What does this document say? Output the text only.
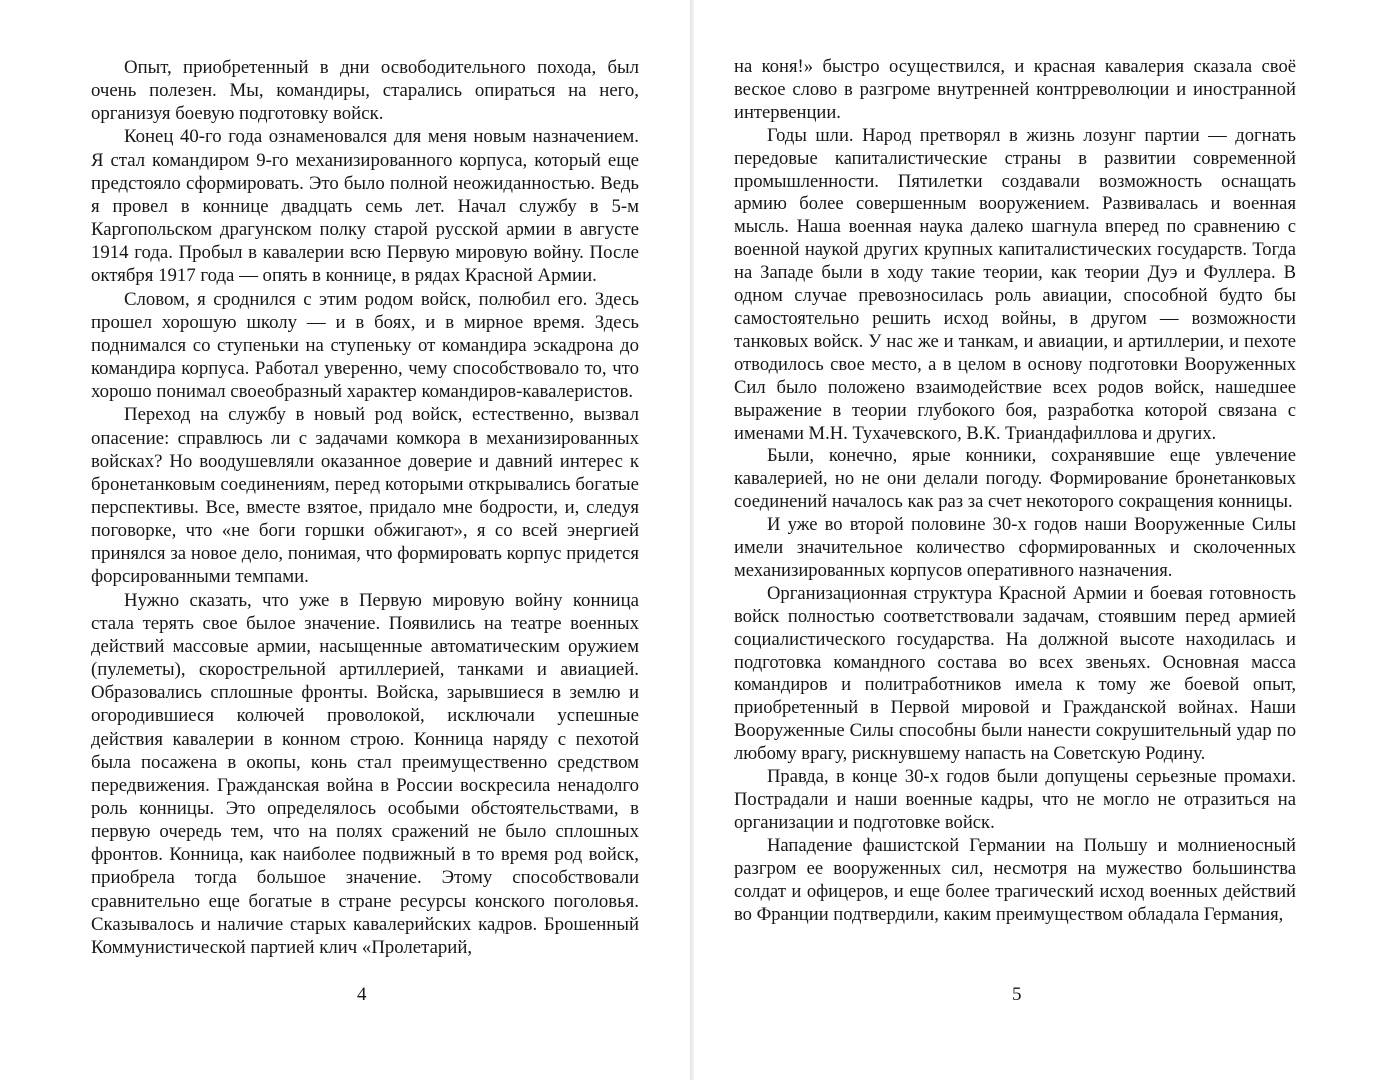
Опыт, приобретенный в дни освободительного похода, был очень полезен. Мы, командиры, старались опираться на него, организуя боевую подготовку войск.

Конец 40-го года ознаменовался для меня новым назначением. Я стал командиром 9-го механизированного корпуса, который еще предстояло сформировать. Это было полной неожиданностью. Ведь я провел в коннице двадцать семь лет. Начал службу в 5-м Каргопольском драгунском полку старой русской армии в августе 1914 года. Пробыл в кавалерии всю Первую мировую войну. После октября 1917 года — опять в коннице, в рядах Красной Армии.

Словом, я сроднился с этим родом войск, полюбил его. Здесь прошел хорошую школу — и в боях, и в мирное время. Здесь поднимался со ступеньки на ступеньку от командира эскадрона до командира корпуса. Работал уверенно, чему способствовало то, что хорошо понимал своеобразный характер командиров-кавалеристов.

Переход на службу в новый род войск, естественно, вызвал опасение: справлюсь ли с задачами комкора в механизированных войсках? Но воодушевляли оказанное доверие и давний интерес к бронетанковым соединениям, перед которыми открывались богатые перспективы. Все, вместе взятое, придало мне бодрости, и, следуя поговорке, что «не боги горшки обжигают», я со всей энергией принялся за новое дело, понимая, что формировать корпус придется форсированными темпами.

Нужно сказать, что уже в Первую мировую войну конница стала терять свое былое значение. Появились на театре военных действий массовые армии, насыщенные автоматическим оружием (пулеметы), скорострельной артиллерией, танками и авиацией. Образовались сплошные фронты. Войска, зарывшиеся в землю и огородившиеся колючей проволокой, исключали успешные действия кавалерии в конном строю. Конница наряду с пехотой была посажена в окопы, конь стал преимущественно средством передвижения. Гражданская война в России воскресила ненадолго роль конницы. Это определялось особыми обстоятельствами, в первую очередь тем, что на полях сражений не было сплошных фронтов. Конница, как наиболее подвижный в то время род войск, приобрела тогда большое значение. Этому способствовали сравнительно еще богатые в стране ресурсы конского поголовья. Сказывалось и наличие старых кавалерийских кадров. Брошенный Коммунистической партией клич «Пролетарий,

4

на коня!» быстро осуществился, и красная кавалерия сказала своё веское слово в разгроме внутренней контрреволюции и иностранной интервенции.

Годы шли. Народ претворял в жизнь лозунг партии — догнать передовые капиталистические страны в развитии современной промышленности. Пятилетки создавали возможность оснащать армию более совершенным вооружением. Развивалась и военная мысль. Наша военная наука далеко шагнула вперед по сравнению с военной наукой других крупных капиталистических государств. Тогда на Западе были в ходу такие теории, как теории Дуэ и Фуллера. В одном случае превозносилась роль авиации, способной будто бы самостоятельно решить исход войны, в другом — возможности танковых войск. У нас же и танкам, и авиации, и артиллерии, и пехоте отводилось свое место, а в целом в основу подготовки Вооруженных Сил было положено взаимодействие всех родов войск, нашедшее выражение в теории глубокого боя, разработка которой связана с именами М.Н. Тухачевского, В.К. Триандафиллова и других.

Были, конечно, ярые конники, сохранявшие еще увлечение кавалерией, но не они делали погоду. Формирование бронетанковых соединений началось как раз за счет некоторого сокращения конницы.

И уже во второй половине 30-х годов наши Вооруженные Силы имели значительное количество сформированных и сколоченных механизированных корпусов оперативного назначения.

Организационная структура Красной Армии и боевая готовность войск полностью соответствовали задачам, стоявшим перед армией социалистического государства. На должной высоте находилась и подготовка командного состава во всех звеньях. Основная масса командиров и политработников имела к тому же боевой опыт, приобретенный в Первой мировой и Гражданской войнах. Наши Вооруженные Силы способны были нанести сокрушительный удар по любому врагу, рискнувшему напасть на Советскую Родину.

Правда, в конце 30-х годов были допущены серьезные промахи. Пострадали и наши военные кадры, что не могло не отразиться на организации и подготовке войск.

Нападение фашистской Германии на Польшу и молниеносный разгром ее вооруженных сил, несмотря на мужество большинства солдат и офицеров, и еще более трагический исход военных действий во Франции подтвердили, каким преимуществом обладала Германия,

5
